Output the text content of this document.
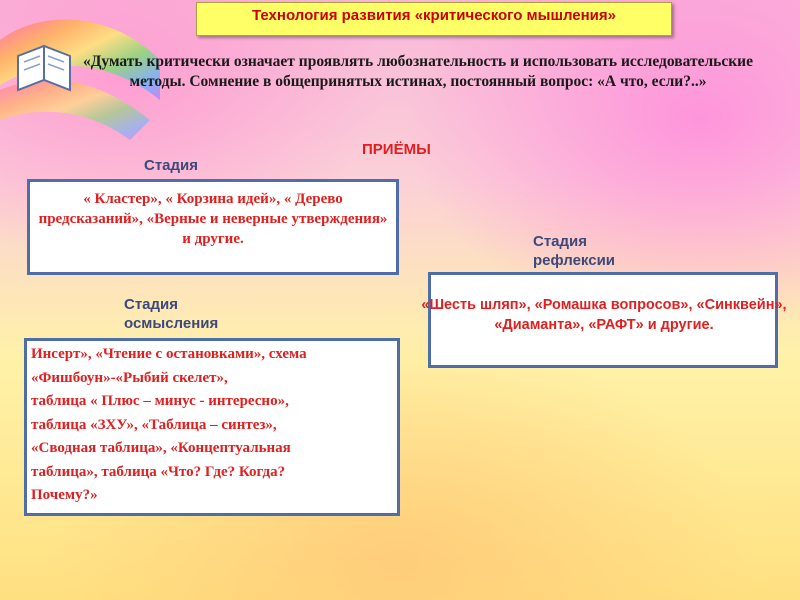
Технология развития «критического мышления»
«Думать критически означает проявлять любознательность и использовать исследовательские методы. Сомнение в общепринятых истинах, постоянный вопрос: «А что, если?..»
ПРИЁМЫ
Стадия
« Кластер», « Корзина идей», « Дерево предсказаний», «Верные и неверные утверждения» и другие.	Стадия рефлексии
«Шесть шляп», «Ромашка вопросов», «Синквейн», «Диаманта», «РАФТ» и другие.
Стадия осмысления
Инсерт», «Чтение с остановками», схема
«Фишбоун»-«Рыбий скелет»,
таблица « Плюс – минус - интересно»,
таблица «ЗХУ», «Таблица – синтез»,
«Сводная таблица», «Концептуальная
таблица», таблица «Что? Где? Когда?
Почему?»
